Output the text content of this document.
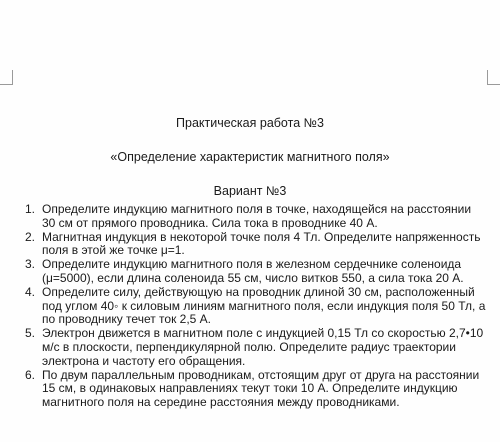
Практическая работа №3
«Определение характеристик магнитного поля»
Вариант №3
1. Определите индукцию магнитного поля в точке, находящейся на расстоянии 30 см от прямого проводника. Сила тока в проводнике 40 А.
2. Магнитная индукция в некоторой точке поля 4 Тл. Определите напряженность поля в этой же точке μ=1.
3. Определите индукцию магнитного поля в железном сердечнике соленоида (μ=5000), если длина соленоида 55 см, число витков 550, а сила тока 20 А.
4. Определите силу, действующую на проводник длиной 30 см, расположенный под углом 40◦ к силовым линиям магнитного поля, если индукция поля 50 Тл, а по проводнику течет ток 2,5 А.
5. Электрон движется в магнитном поле с индукцией 0,15 Тл со скоростью 2,7•10 м/с в плоскости, перпендикулярной полю. Определите радиус траектории электрона и частоту его обращения.
6. По двум параллельным проводникам, отстоящим друг от друга на расстоянии 15 см, в одинаковых направлениях текут токи 10 А. Определите индукцию магнитного поля на середине расстояния между проводниками.
